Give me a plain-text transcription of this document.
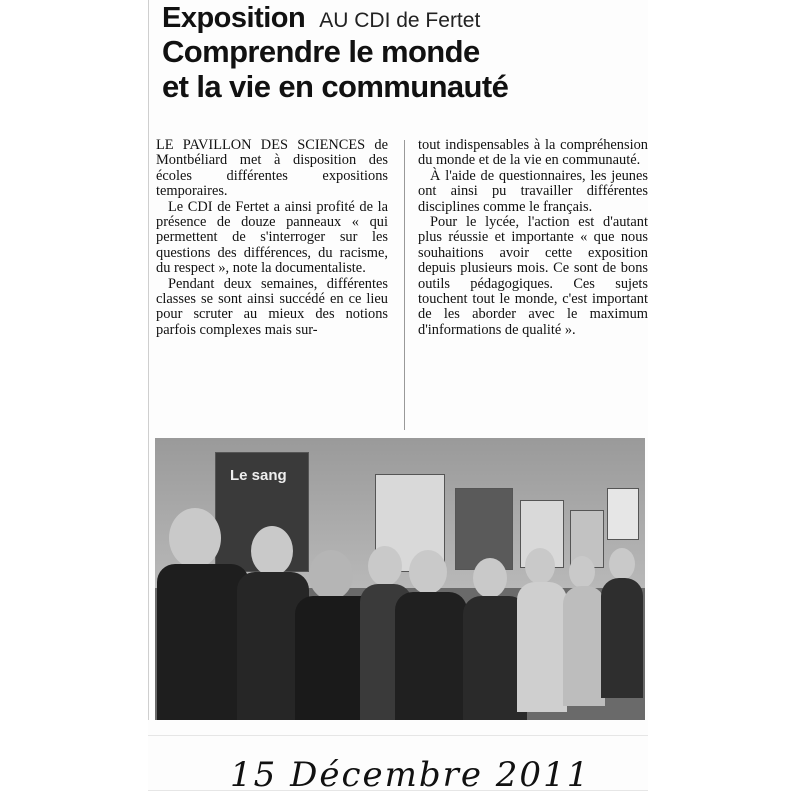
Exposition AU CDI de Fertet
Comprendre le monde
et la vie en communauté

LE PAVILLON DES SCIENCES de Montbéliard met à disposition des écoles différentes expositions temporaires.

Le CDI de Fertet a ainsi profité de la présence de douze panneaux « qui permettent de s'interroger sur les questions des différences, du racisme, du respect », note la documentaliste.

Pendant deux semaines, différentes classes se sont ainsi succédé en ce lieu pour scruter au mieux des notions parfois complexes mais sur-

tout indispensables à la compréhension du monde et de la vie en communauté.

À l'aide de questionnaires, les jeunes ont ainsi pu travailler différentes disciplines comme le français.

Pour le lycée, l'action est d'autant plus réussie et importante « que nous souhaitions avoir cette exposition depuis plusieurs mois. Ce sont de bons outils pédagogiques. Ces sujets touchent tout le monde, c'est important de les aborder avec le maximum d'informations de qualité ».

Le sang
15 Décembre 2011
